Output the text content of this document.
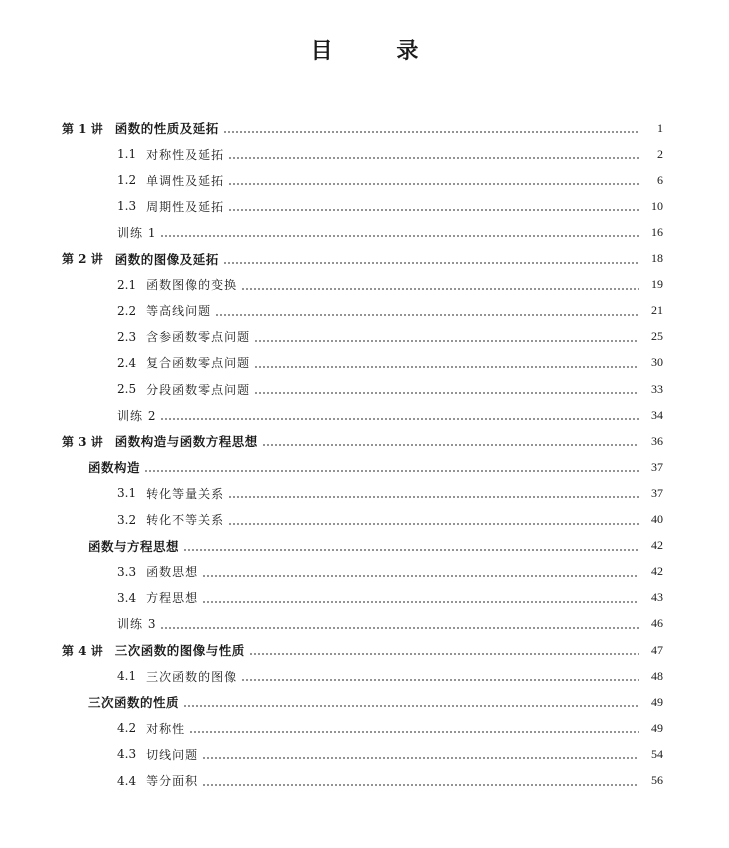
目 录
第 1 讲 函数的性质及延拓	1
1.1 对称性及延拓	2
1.2 单调性及延拓	6
1.3 周期性及延拓	10
训练 1	16
第 2 讲 函数的图像及延拓	18
2.1 函数图像的变换	19
2.2 等高线问题	21
2.3 含参函数零点问题	25
2.4 复合函数零点问题	30
2.5 分段函数零点问题	33
训练 2	34
第 3 讲 函数构造与函数方程思想	36
函数构造	37
3.1 转化等量关系	37
3.2 转化不等关系	40
函数与方程思想	42
3.3 函数思想	42
3.4 方程思想	43
训练 3	46
第 4 讲 三次函数的图像与性质	47
4.1 三次函数的图像	48
三次函数的性质	49
4.2 对称性	49
4.3 切线问题	54
4.4 等分面积	56
